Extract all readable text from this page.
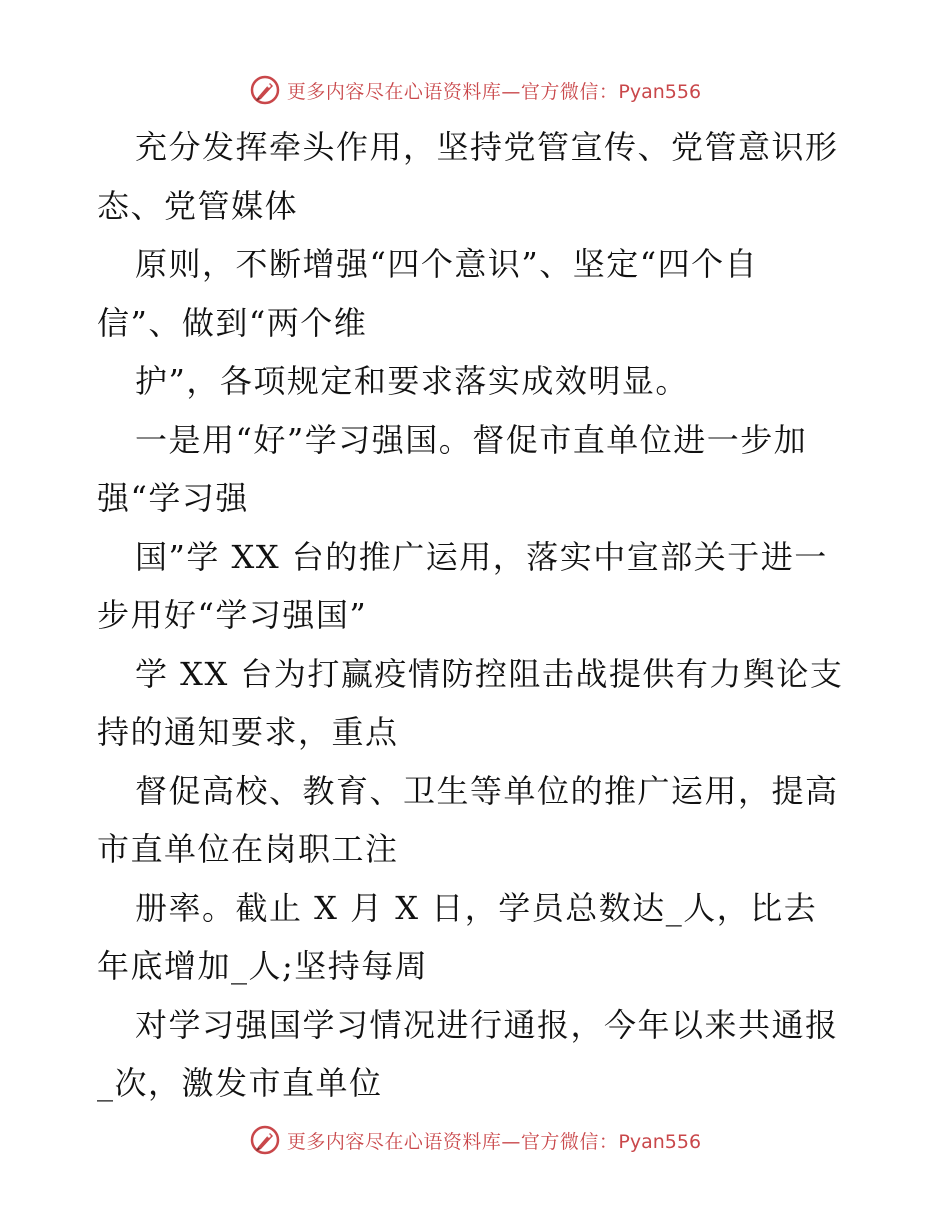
更多内容尽在心语资料库—官方微信：Pyan556
充分发挥牵头作用，坚持党管宣传、党管意识形
态、党管媒体
原则，不断增强“四个意识”、坚定“四个自
信”、做到“两个维
护”，各项规定和要求落实成效明显。
一是用“好”学习强国。督促市直单位进一步加
强“学习强
国”学 XX 台的推广运用，落实中宣部关于进一
步用好“学习强国”
学 XX 台为打赢疫情防控阻击战提供有力舆论支
持的通知要求，重点
督促高校、教育、卫生等单位的推广运用，提高
市直单位在岗职工注
册率。截止 X 月 X 日，学员总数达_人，比去
年底增加_人;坚持每周
对学习强国学习情况进行通报，今年以来共通报
_次，激发市直单位
更多内容尽在心语资料库—官方微信：Pyan556
